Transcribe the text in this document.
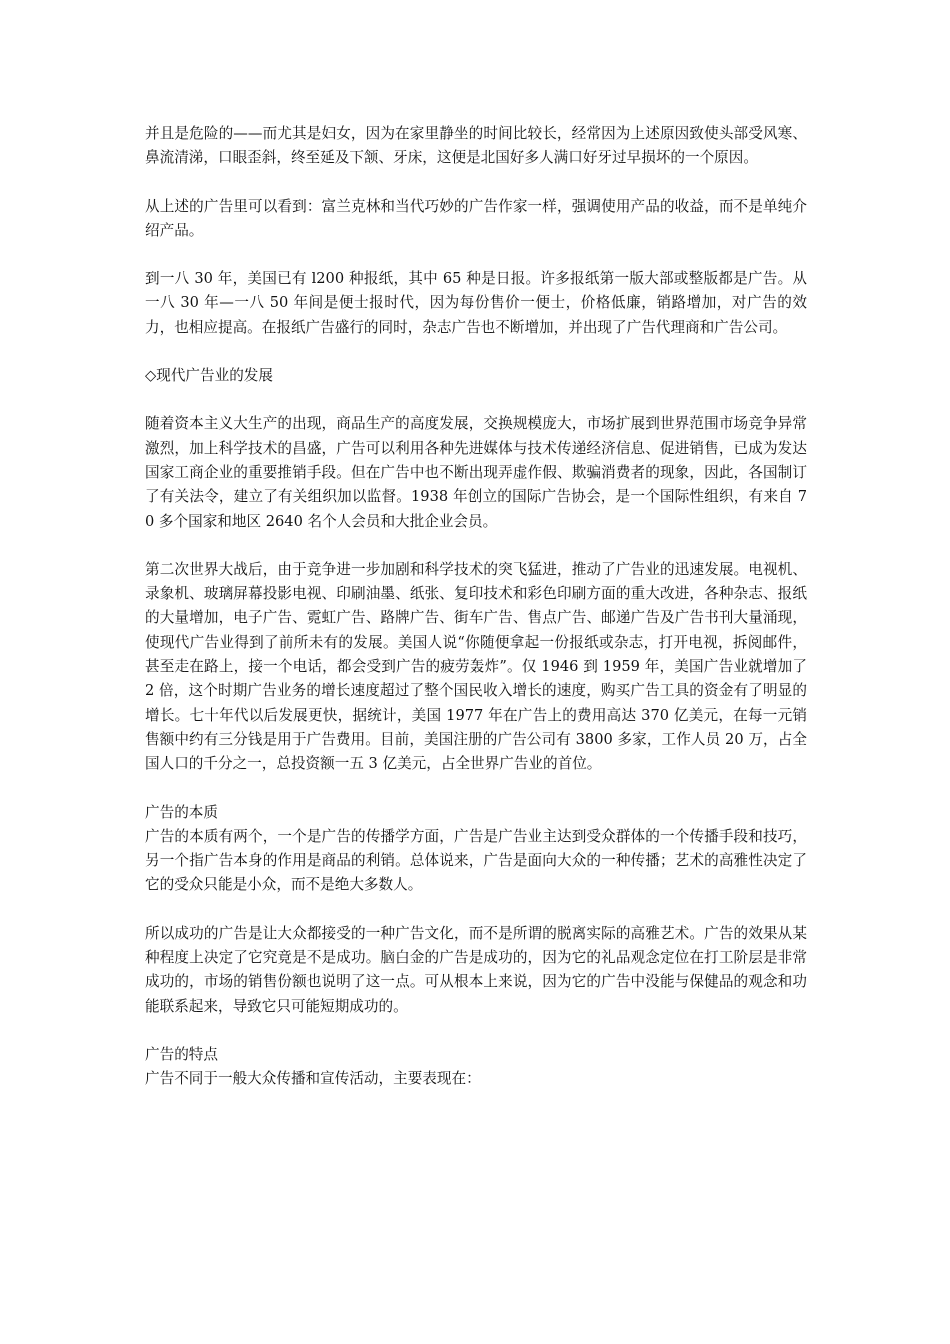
并且是危险的——而尤其是妇女，因为在家里静坐的时间比较长，经常因为上述原因致使头部受风寒、鼻流清涕，口眼歪斜，终至延及下颔、牙床，这便是北国好多人满口好牙过早损坏的一个原因。

从上述的广告里可以看到：富兰克林和当代巧妙的广告作家一样，强调使用产品的收益，而不是单纯介绍产品。

到一八 30 年，美国已有 l200 种报纸，其中 65 种是日报。许多报纸第一版大部或整版都是广告。从一八 30 年—一八 50 年间是便士报时代，因为每份售价一便士，价格低廉，销路增加，对广告的效力，也相应提高。在报纸广告盛行的同时，杂志广告也不断增加，并出现了广告代理商和广告公司。

◇现代广告业的发展

随着资本主义大生产的出现，商品生产的高度发展，交换规模庞大，市场扩展到世界范围市场竞争异常激烈，加上科学技术的昌盛，广告可以利用各种先进媒体与技术传递经济信息、促进销售，已成为发达国家工商企业的重要推销手段。但在广告中也不断出现弄虚作假、欺骗消费者的现象，因此，各国制订了有关法令，建立了有关组织加以监督。1938 年创立的国际广告协会，是一个国际性组织，有来自 70 多个国家和地区 2640 名个人会员和大批企业会员。

第二次世界大战后，由于竞争进一步加剧和科学技术的突飞猛进，推动了广告业的迅速发展。电视机、录象机、玻璃屏幕投影电视、印刷油墨、纸张、复印技术和彩色印刷方面的重大改进，各种杂志、报纸的大量增加，电子广告、霓虹广告、路牌广告、街车广告、售点广告、邮递广告及广告书刊大量涌现，使现代广告业得到了前所未有的发展。美国人说“你随便拿起一份报纸或杂志，打开电视，拆阅邮件，甚至走在路上，接一个电话，都会受到广告的疲劳轰炸”。仅 1946 到 1959 年，美国广告业就增加了 2 倍，这个时期广告业务的增长速度超过了整个国民收入增长的速度，购买广告工具的资金有了明显的增长。七十年代以后发展更快，据统计，美国 1977 年在广告上的费用高达 370 亿美元，在每一元销售额中约有三分钱是用于广告费用。目前，美国注册的广告公司有 3800 多家，工作人员 20 万，占全国人口的千分之一，总投资额一五 3 亿美元，占全世界广告业的首位。

广告的本质

广告的本质有两个，一个是广告的传播学方面，广告是广告业主达到受众群体的一个传播手段和技巧，另一个指广告本身的作用是商品的利销。总体说来，广告是面向大众的一种传播；艺术的高雅性决定了它的受众只能是小众，而不是绝大多数人。

所以成功的广告是让大众都接受的一种广告文化，而不是所谓的脱离实际的高雅艺术。广告的效果从某种程度上决定了它究竟是不是成功。脑白金的广告是成功的，因为它的礼品观念定位在打工阶层是非常成功的，市场的销售份额也说明了这一点。可从根本上来说，因为它的广告中没能与保健品的观念和功能联系起来，导致它只可能短期成功的。

广告的特点

广告不同于一般大众传播和宣传活动，主要表现在：
